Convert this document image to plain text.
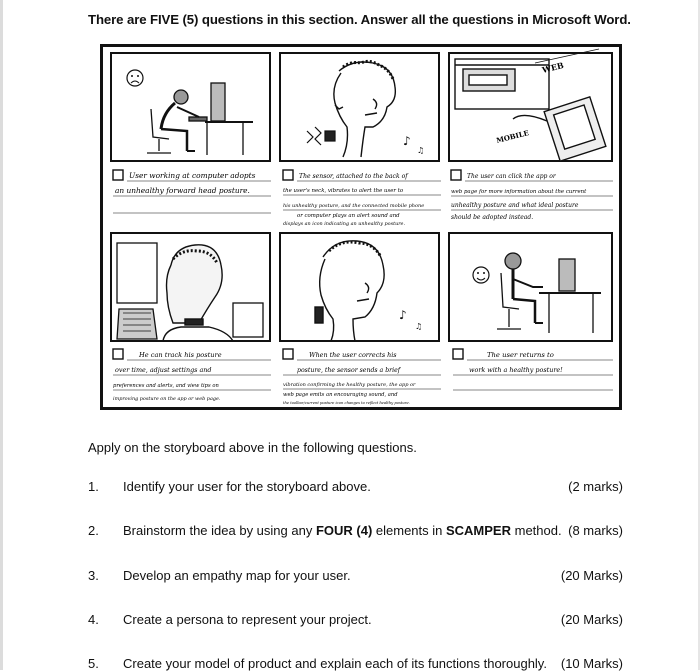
There are FIVE (5) questions in this section. Answer all the questions in Microsoft Word.
User working at computer adopts
an unhealthy forward head posture.
♪
♫
The sensor, attached to the back of
the user's neck, vibrates to alert the user to
his unhealthy posture, and the connected mobile phone
or computer plays an alert sound and
displays an icon indicating an unhealthy posture.
WEB
MOBILE
The user can click the app or
web page for more information about the current
unhealthy posture and what ideal posture
should be adopted instead.
He can track his posture
over time, adjust settings and
preferences and alerts, and view tips on
improving posture on the app or web page.
♪
♫
When the user corrects his
posture, the sensor sends a brief
vibration confirming the healthy posture, the app or
web page emits an encouraging sound, and
the toolbar/current posture icon changes to reflect healthy posture.
The user returns to
work with a healthy posture!
Apply on the storyboard above in the following questions.
1. Identify your user for the storyboard above.	(2 marks)
2. Brainstorm the idea by using any FOUR (4) elements in SCAMPER method. (8 marks)
3. Develop an empathy map for your user.	(20 Marks)
4. Create a persona to represent your project.	(20 Marks)
5. Create your model of product and explain each of its functions thoroughly. (10 Marks)
